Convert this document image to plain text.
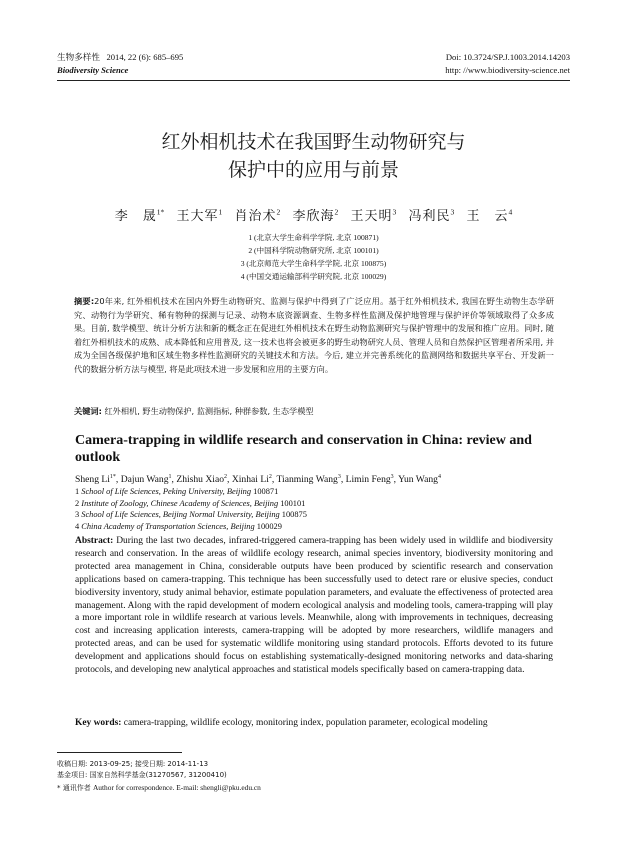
生物多样性 2014, 22 (6): 685–695
Biodiversity Science
Doi: 10.3724/SP.J.1003.2014.14203
http: //www.biodiversity-science.net
红外相机技术在我国野生动物研究与
保护中的应用与前景
李　晟$^{1*}$ 王大军$^1$ 肖治术$^2$ 李欣海$^2$ 王天明$^3$ 冯利民$^3$ 王　云$^4$
1 (北京大学生命科学学院, 北京 100871)
2 (中国科学院动物研究所, 北京 100101)
3 (北京师范大学生命科学学院, 北京 100875)
4 (中国交通运输部科学研究院, 北京 100029)
摘要:20年来, 红外相机技术在国内外野生动物研究、监测与保护中得到了广泛应用。基于红外相机技术, 我国在野生动物生态学研究、动物行为学研究、稀有物种的探测与记录、动物本底资源调查、生物多样性监测及保护地管理与保护评价等领域取得了众多成果。目前, 数学模型、统计分析方法和新的概念正在促进红外相机技术在野生动物监测研究与保护管理中的发展和推广应用。同时, 随着红外相机技术的成熟、成本降低和应用普及, 这一技术也将会被更多的野生动物研究人员、管理人员和自然保护区管理者所采用, 并成为全国各级保护地和区域生物多样性监测研究的关键技术和方法。今后, 建立并完善系统化的监测网络和数据共享平台、开发新一代的数据分析方法与模型, 将是此项技术进一步发展和应用的主要方向。
关键词: 红外相机, 野生动物保护, 监测指标, 种群参数, 生态学模型
Camera-trapping in wildlife research and conservation in China: review and outlook
Sheng $Li^{1*}$, Dajun Wang$^1$, Zhishu Xiao$^2$, Xinhai Li$^2$, Tianming Wang$^3$, Limin Feng$^3$, Yun Wang$^4$
1 School of Life Sciences, Peking University, Beijing 100871
2 Institute of Zoology, Chinese Academy of Sciences, Beijing 100101
3 School of Life Sciences, Beijing Normal University, Beijing 100875
4 China Academy of Transportation Sciences, Beijing 100029
Abstract: During the last two decades, infrared-triggered camera-trapping has been widely used in wildlife and biodiversity research and conservation. In the areas of wildlife ecology research, animal species inventory, biodiversity monitoring and protected area management in China, considerable outputs have been produced by scientific research and conservation applications based on camera-trapping. This technique has been successfully used to detect rare or elusive species, conduct biodiversity inventory, study animal behavior, estimate population parameters, and evaluate the effectiveness of protected area management. Along with the rapid development of modern ecological analysis and modeling tools, camera-trapping will play a more important role in wildlife research at various levels. Meanwhile, along with improvements in techniques, decreasing cost and increasing application interests, camera-trapping will be adopted by more researchers, wildlife managers and protected areas, and can be used for systematic wildlife monitoring using standard protocols. Efforts devoted to its future development and applications should focus on establishing systematically-designed monitoring networks and data-sharing protocols, and developing new analytical approaches and statistical models specifically based on camera-trapping data.
Key words: camera-trapping, wildlife ecology, monitoring index, population parameter, ecological modeling
收稿日期: 2013-09-25; 接受日期: 2014-11-13
基金项目: 国家自然科学基金(31270567, 31200410)
* 通讯作者 Author for correspondence. E-mail: shengli@pku.edu.cn
